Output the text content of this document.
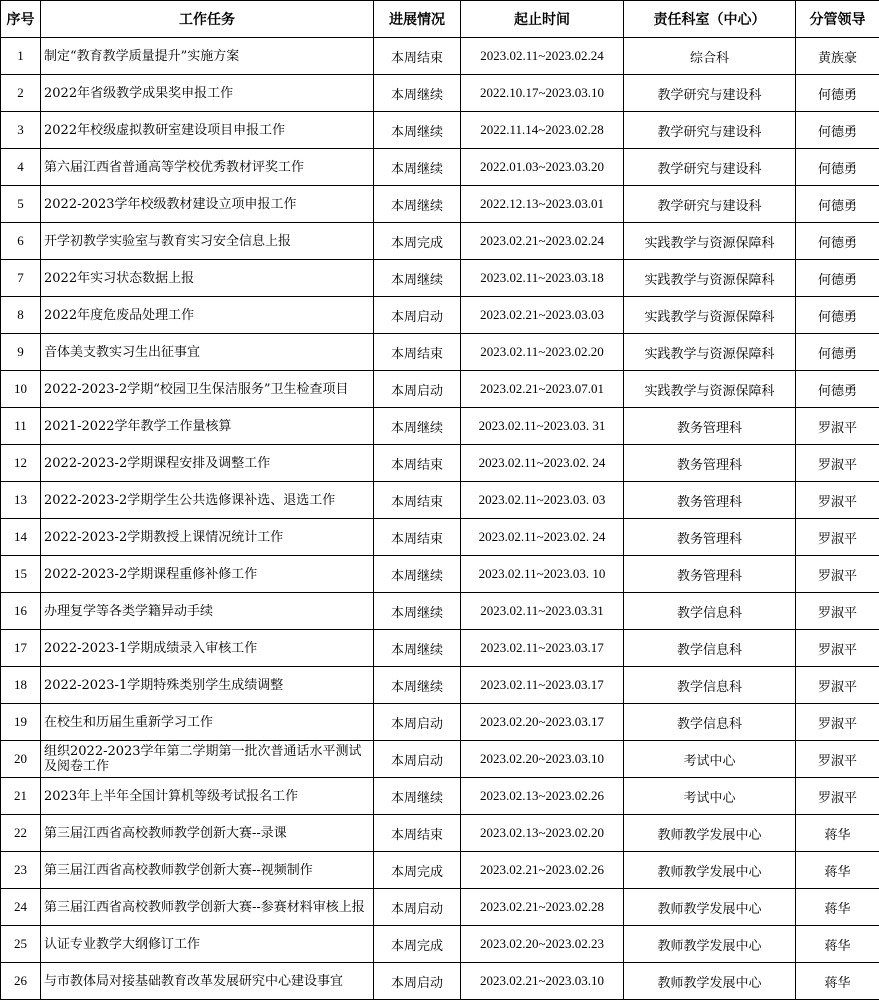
序号	工作任务	进展情况	起止时间	责任科室（中心）	分管领导
1	制定“教育教学质量提升”实施方案	本周结束	2023.02.11~2023.02.24	综合科	黄族豪
2	2022年省级教学成果奖申报工作	本周继续	2022.10.17~2023.03.10	教学研究与建设科	何德勇
3	2022年校级虚拟教研室建设项目申报工作	本周继续	2022.11.14~2023.02.28	教学研究与建设科	何德勇
4	第六届江西省普通高等学校优秀教材评奖工作	本周继续	2022.01.03~2023.03.20	教学研究与建设科	何德勇
5	2022-2023学年校级教材建设立项申报工作	本周继续	2022.12.13~2023.03.01	教学研究与建设科	何德勇
6	开学初教学实验室与教育实习安全信息上报	本周完成	2023.02.21~2023.02.24	实践教学与资源保障科	何德勇
7	2022年实习状态数据上报	本周继续	2023.02.11~2023.03.18	实践教学与资源保障科	何德勇
8	2022年度危废品处理工作	本周启动	2023.02.21~2023.03.03	实践教学与资源保障科	何德勇
9	音体美支教实习生出征事宜	本周结束	2023.02.11~2023.02.20	实践教学与资源保障科	何德勇
10	2022-2023-2学期“校园卫生保洁服务”卫生检查项目	本周启动	2023.02.21~2023.07.01	实践教学与资源保障科	何德勇
11	2021-2022学年教学工作量核算	本周继续	2023.02.11~2023.03. 31	教务管理科	罗淑平
12	2022-2023-2学期课程安排及调整工作	本周结束	2023.02.11~2023.02. 24	教务管理科	罗淑平
13	2022-2023-2学期学生公共选修课补选、退选工作	本周结束	2023.02.11~2023.03. 03	教务管理科	罗淑平
14	2022-2023-2学期教授上课情况统计工作	本周结束	2023.02.11~2023.02. 24	教务管理科	罗淑平
15	2022-2023-2学期课程重修补修工作	本周继续	2023.02.11~2023.03. 10	教务管理科	罗淑平
16	办理复学等各类学籍异动手续	本周继续	2023.02.11~2023.03.31	教学信息科	罗淑平
17	2022-2023-1学期成绩录入审核工作	本周继续	2023.02.11~2023.03.17	教学信息科	罗淑平
18	2022-2023-1学期特殊类别学生成绩调整	本周继续	2023.02.11~2023.03.17	教学信息科	罗淑平
19	在校生和历届生重新学习工作	本周启动	2023.02.20~2023.03.17	教学信息科	罗淑平
20	组织2022-2023学年第二学期第一批次普通话水平测试及阅卷工作	本周启动	2023.02.20~2023.03.10	考试中心	罗淑平
21	2023年上半年全国计算机等级考试报名工作	本周继续	2023.02.13~2023.02.26	考试中心	罗淑平
22	第三届江西省高校教师教学创新大赛--录课	本周结束	2023.02.13~2023.02.20	教师教学发展中心	蒋华
23	第三届江西省高校教师教学创新大赛--视频制作	本周完成	2023.02.21~2023.02.26	教师教学发展中心	蒋华
24	第三届江西省高校教师教学创新大赛--参赛材料审核上报	本周启动	2023.02.21~2023.02.28	教师教学发展中心	蒋华
25	认证专业教学大纲修订工作	本周完成	2023.02.20~2023.02.23	教师教学发展中心	蒋华
26	与市教体局对接基础教育改革发展研究中心建设事宜	本周启动	2023.02.21~2023.03.10	教师教学发展中心	蒋华
